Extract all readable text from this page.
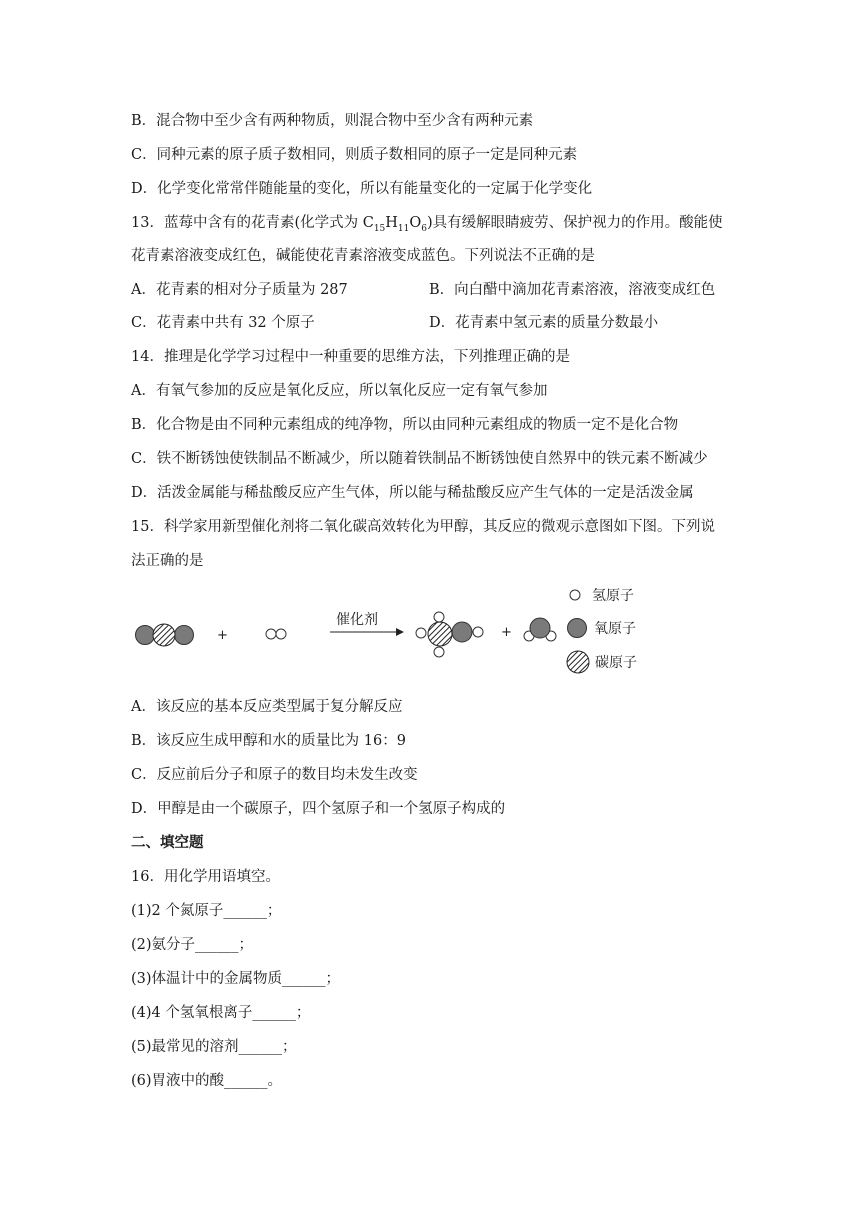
B．混合物中至少含有两种物质，则混合物中至少含有两种元素
C．同种元素的原子质子数相同，则质子数相同的原子一定是同种元素
D．化学变化常常伴随能量的变化，所以有能量变化的一定属于化学变化
13．蓝莓中含有的花青素(化学式为 $C_{15}H_{11}O_6$)具有缓解眼睛疲劳、保护视力的作用。酸能使
花青素溶液变成红色，碱能使花青素溶液变成蓝色。下列说法不正确的是
A．花青素的相对分子质量为 287	B．向白醋中滴加花青素溶液，溶液变成红色
C．花青素中共有 32 个原子	D．花青素中氢元素的质量分数最小
14．推理是化学学习过程中一种重要的思维方法，下列推理正确的是
A．有氧气参加的反应是氧化反应，所以氧化反应一定有氧气参加
B．化合物是由不同种元素组成的纯净物，所以由同种元素组成的物质一定不是化合物
C．铁不断锈蚀使铁制品不断减少，所以随着铁制品不断锈蚀使自然界中的铁元素不断减少
D．活泼金属能与稀盐酸反应产生气体，所以能与稀盐酸反应产生气体的一定是活泼金属
15．科学家用新型催化剂将二氧化碳高效转化为甲醇，其反应的微观示意图如下图。下列说
法正确的是
+
催化剂
+
氢原子
氧原子
碳原子
A．该反应的基本反应类型属于复分解反应
B．该反应生成甲醇和水的质量比为 16：9
C．反应前后分子和原子的数目均未发生改变
D．甲醇是由一个碳原子，四个氢原子和一个氢原子构成的
二、填空题
16．用化学用语填空。
(1)2 个氮原子______；
(2)氨分子______；
(3)体温计中的金属物质______；
(4)4 个氢氧根离子______；
(5)最常见的溶剂______；
(6)胃液中的酸______。
